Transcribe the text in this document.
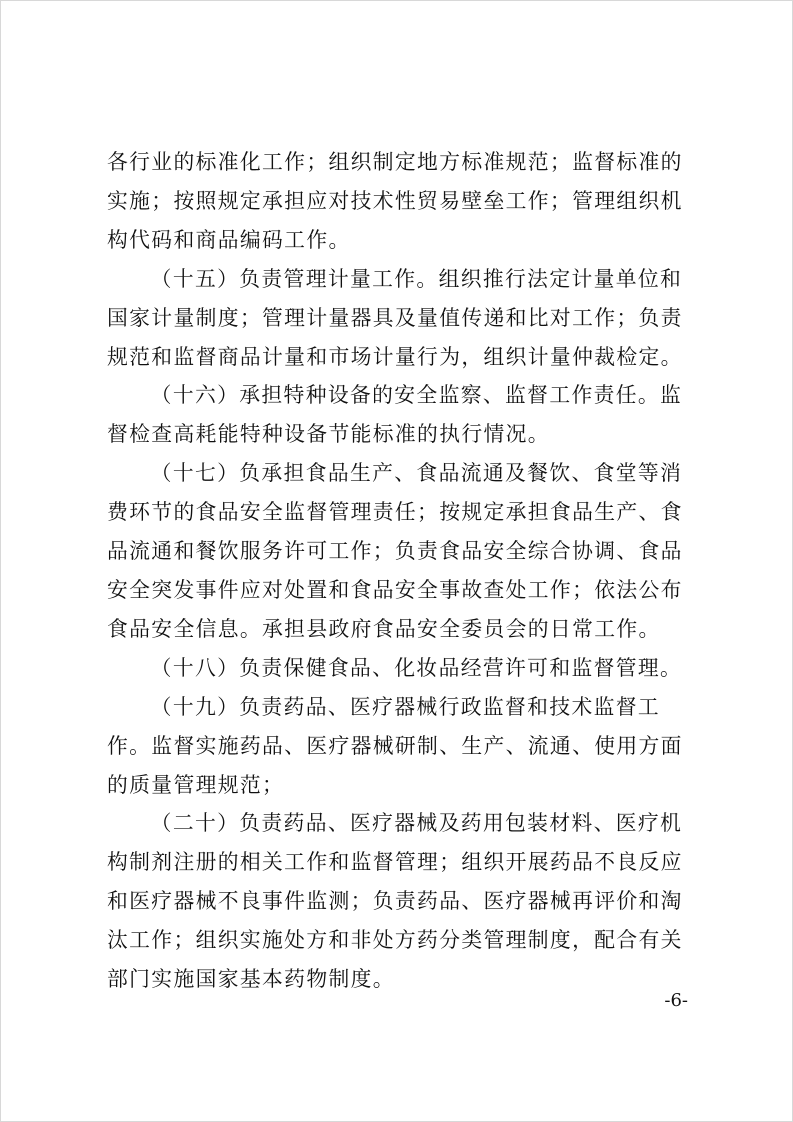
各行业的标准化工作；组织制定地方标准规范；监督标准的实施；按照规定承担应对技术性贸易壁垒工作；管理组织机构代码和商品编码工作。

（十五）负责管理计量工作。组织推行法定计量单位和国家计量制度；管理计量器具及量值传递和比对工作；负责规范和监督商品计量和市场计量行为，组织计量仲裁检定。

（十六）承担特种设备的安全监察、监督工作责任。监督检查高耗能特种设备节能标准的执行情况。

（十七）负承担食品生产、食品流通及餐饮、食堂等消费环节的食品安全监督管理责任；按规定承担食品生产、食品流通和餐饮服务许可工作；负责食品安全综合协调、食品安全突发事件应对处置和食品安全事故查处工作；依法公布食品安全信息。承担县政府食品安全委员会的日常工作。

（十八）负责保健食品、化妆品经营许可和监督管理。

（十九）负责药品、医疗器械行政监督和技术监督工作。监督实施药品、医疗器械研制、生产、流通、使用方面的质量管理规范；

（二十）负责药品、医疗器械及药用包装材料、医疗机构制剂注册的相关工作和监督管理；组织开展药品不良反应和医疗器械不良事件监测；负责药品、医疗器械再评价和淘汰工作；组织实施处方和非处方药分类管理制度，配合有关部门实施国家基本药物制度。

-6-
